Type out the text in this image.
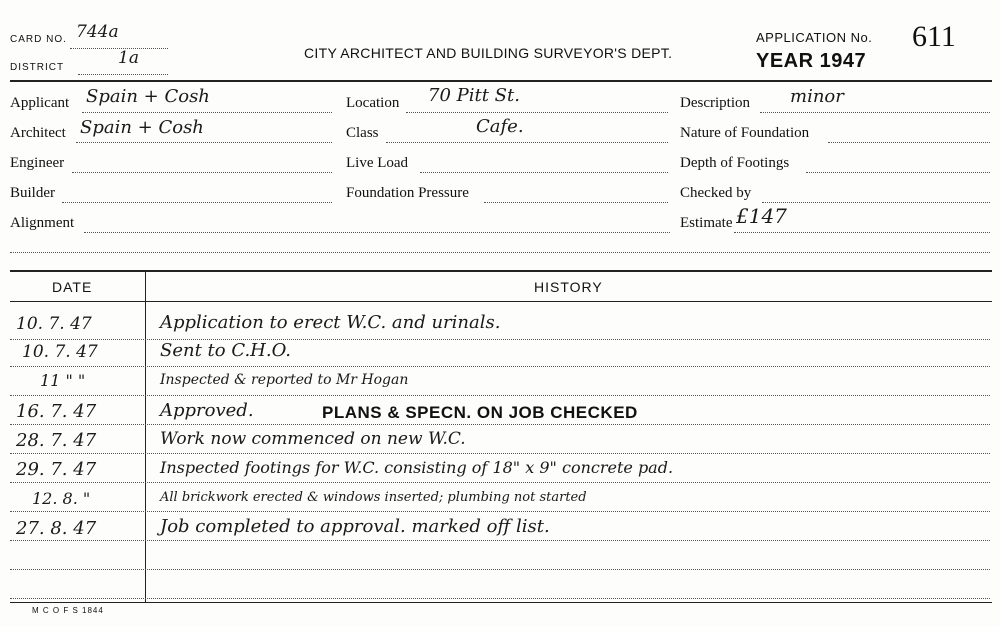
CARD NO. 744a
DISTRICT	1a	CITY ARCHITECT AND BUILDING SURVEYOR'S DEPT.
APPLICATION No. 611
YEAR 1947
Applicant Spain + Cosh
Architect Spain + Cosh
Engineer
Builder
Alignment
Location 70 Pitt St.
Class	Cafe.
Live Load
Foundation Pressure
Description minor
Nature of Foundation
Depth of Footings
Checked by
Estimate £147
DATE	HISTORY
10. 7. 47	Application to erect W.C. and urinals.
10. 7. 47	Sent to C.H.O.
11 " "	Inspected & reported to Mr Hogan
16. 7. 47	Approved.	PLANS & SPECN. ON JOB CHECKED
28. 7. 47	Work now commenced on new W.C.
29. 7. 47	Inspected footings for W.C. consisting of 18" x 9" concrete pad.
12. 8. "	All brickwork erected & windows inserted; plumbing not started
27. 8. 47	Job completed to approval. marked off list.
M C O F S 1844
